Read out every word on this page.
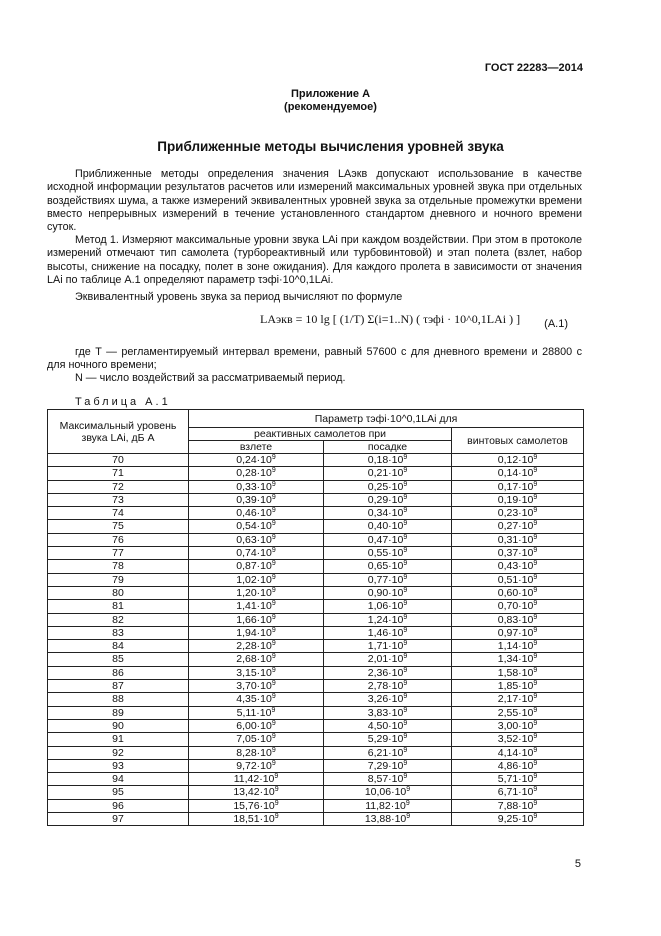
ГОСТ 22283—2014
Приложение А
(рекомендуемое)
Приближенные методы вычисления уровней звука
Приближенные методы определения значения LAэкв допускают использование в качестве исходной информации результатов расчетов или измерений максимальных уровней звука при отдельных воздействиях шума, а также измерений эквивалентных уровней звука за отдельные промежутки времени вместо непрерывных измерений в течение установленного стандартом дневного и ночного времени суток.
Метод 1. Измеряют максимальные уровни звука LAi при каждом воздействии. При этом в протоколе измерений отмечают тип самолета (турбореактивный или турбовинтовой) и этап полета (взлет, набор высоты, снижение на посадку, полет в зоне ожидания). Для каждого пролета в зависимости от значения LAi по таблице А.1 определяют параметр τэфi·10^0,1LAi.
Эквивалентный уровень звука за период вычисляют по формуле
LAэкв = 10 lg [ (1/T) Σ(i=1..N) ( τэфi · 10^0,1LAi ) ] (А.1)
где T — регламентируемый интервал времени, равный 57600 с для дневного времени и 28800 с для ночного времени;
N — число воздействий за рассматриваемый период.
Таблица А.1
Максимальный уровень звука LAi, дБ А	Параметр τэфi·10^0,1LAi для		
	реактивных самолетов при		винтовых самолетов
	взлете	посадке	
70	$0,24\cdot 10^9$	$0,18\cdot 10^9$	$0,12\cdot 10^9$
71	$0,28\cdot 10^9$	$0,21\cdot 10^9$	$0,14\cdot 10^9$
72	$0,33\cdot 10^9$	$0,25\cdot 10^9$	$0,17\cdot 10^9$
73	$0,39\cdot 10^9$	$0,29\cdot 10^9$	$0,19\cdot 10^9$
74	$0,46\cdot 10^9$	$0,34\cdot 10^9$	$0,23\cdot 10^9$
75	$0,54\cdot 10^9$	$0,40\cdot 10^9$	$0,27\cdot 10^9$
76	$0,63\cdot 10^9$	$0,47\cdot 10^9$	$0,31\cdot 10^9$
77	$0,74\cdot 10^9$	$0,55\cdot 10^9$	$0,37\cdot 10^9$
78	$0,87\cdot 10^9$	$0,65\cdot 10^9$	$0,43\cdot 10^9$
79	$1,02\cdot 10^9$	$0,77\cdot 10^9$	$0,51\cdot 10^9$
80	$1,20\cdot 10^9$	$0,90\cdot 10^9$	$0,60\cdot 10^9$
81	$1,41\cdot 10^9$	$1,06\cdot 10^9$	$0,70\cdot 10^9$
82	$1,66\cdot 10^9$	$1,24\cdot 10^9$	$0,83\cdot 10^9$
83	$1,94\cdot 10^9$	$1,46\cdot 10^9$	$0,97\cdot 10^9$
84	$2,28\cdot 10^9$	$1,71\cdot 10^9$	$1,14\cdot 10^9$
85	$2,68\cdot 10^9$	$2,01\cdot 10^9$	$1,34\cdot 10^9$
86	$3,15\cdot 10^9$	$2,36\cdot 10^9$	$1,58\cdot 10^9$
87	$3,70\cdot 10^9$	$2,78\cdot 10^9$	$1,85\cdot 10^9$
88	$4,35\cdot 10^9$	$3,26\cdot 10^9$	$2,17\cdot 10^9$
89	$5,11\cdot 10^9$	$3,83\cdot 10^9$	$2,55\cdot 10^9$
90	$6,00\cdot 10^9$	$4,50\cdot 10^9$	$3,00\cdot 10^9$
91	$7,05\cdot 10^9$	$5,29\cdot 10^9$	$3,52\cdot 10^9$
92	$8,28\cdot 10^9$	$6,21\cdot 10^9$	$4,14\cdot 10^9$
93	$9,72\cdot 10^9$	$7,29\cdot 10^9$	$4,86\cdot 10^9$
94	$11,42\cdot 10^9$	$8,57\cdot 10^9$	$5,71\cdot 10^9$
95	$13,42\cdot 10^9$	$10,06\cdot 10^9$	$6,71\cdot 10^9$
96	$15,76\cdot 10^9$	$11,82\cdot 10^9$	$7,88\cdot 10^9$
97	$18,51\cdot 10^9$	$13,88\cdot 10^9$	$9,25\cdot 10^9$
5
